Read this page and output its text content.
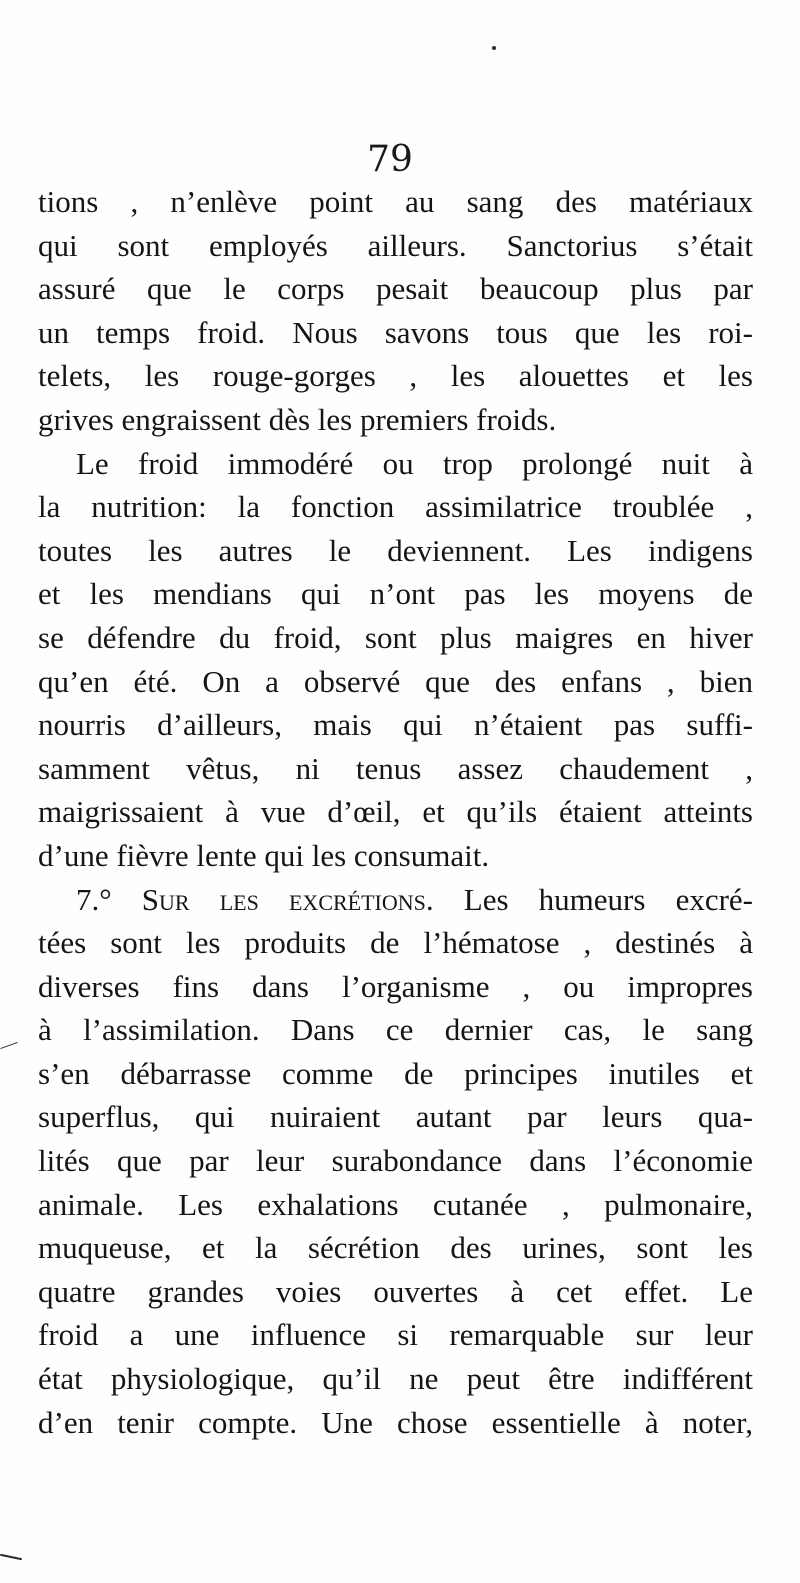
79
tions , n’enlève point au sang des matériaux
qui sont employés ailleurs. Sanctorius s’était
assuré que le corps pesait beaucoup plus par
un temps froid. Nous savons tous que les roi-
telets, les rouge-gorges , les alouettes et les
grives engraissent dès les premiers froids.
Le froid immodéré ou trop prolongé nuit à
la nutrition: la fonction assimilatrice troublée ,
toutes les autres le deviennent. Les indigens
et les mendians qui n’ont pas les moyens de
se défendre du froid, sont plus maigres en hiver
qu’en été. On a observé que des enfans , bien
nourris d’ailleurs, mais qui n’étaient pas suffi-
samment vêtus, ni tenus assez chaudement ,
maigrissaient à vue d’œil, et qu’ils étaient atteints
d’une fièvre lente qui les consumait.
7.° Sur les excrétions. Les humeurs excré-
tées sont les produits de l’hématose , destinés à
diverses fins dans l’organisme , ou impropres
à l’assimilation. Dans ce dernier cas, le sang
s’en débarrasse comme de principes inutiles et
superflus, qui nuiraient autant par leurs qua-
lités que par leur surabondance dans l’économie
animale. Les exhalations cutanée , pulmonaire,
muqueuse, et la sécrétion des urines, sont les
quatre grandes voies ouvertes à cet effet. Le
froid a une influence si remarquable sur leur
état physiologique, qu’il ne peut être indifférent
d’en tenir compte. Une chose essentielle à noter,
